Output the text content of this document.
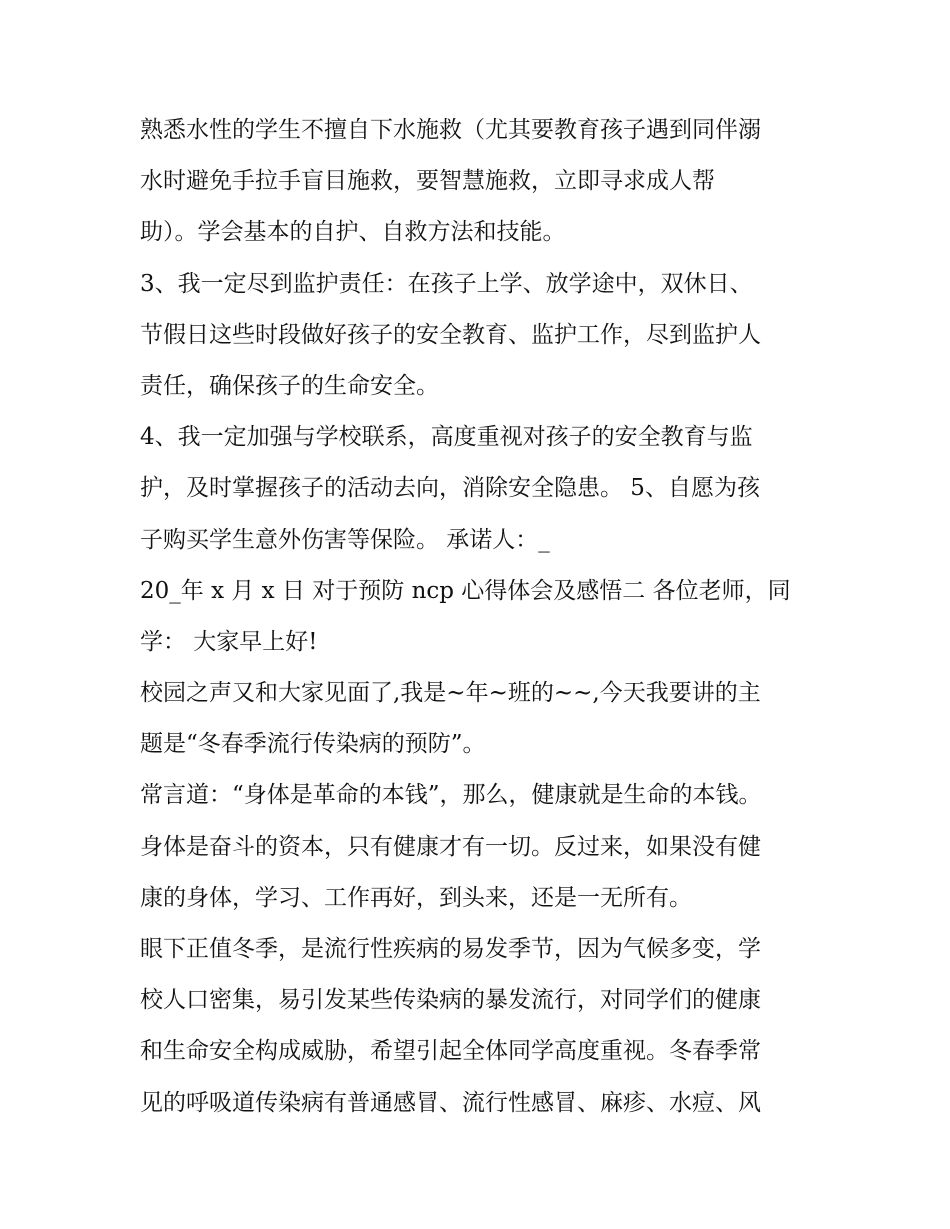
熟悉水性的学生不擅自下水施救（尤其要教育孩子遇到同伴溺
水时避免手拉手盲目施救，要智慧施救，立即寻求成人帮
助）。学会基本的自护、自救方法和技能。
3、我一定尽到监护责任：在孩子上学、放学途中，双休日、
节假日这些时段做好孩子的安全教育、监护工作，尽到监护人
责任，确保孩子的生命安全。
4、我一定加强与学校联系，高度重视对孩子的安全教育与监
护，及时掌握孩子的活动去向，消除安全隐患。 5、自愿为孩
子购买学生意外伤害等保险。 承诺人：_
20_年 x 月 x 日 对于预防 ncp 心得体会及感悟二 各位老师，同
学： 大家早上好!
校园之声又和大家见面了,我是~年~班的~~,今天我要讲的主
题是“冬春季流行传染病的预防”。
常言道：“身体是革命的本钱”，那么，健康就是生命的本钱。
身体是奋斗的资本，只有健康才有一切。反过来，如果没有健
康的身体，学习、工作再好，到头来，还是一无所有。
眼下正值冬季，是流行性疾病的易发季节，因为气候多变，学
校人口密集，易引发某些传染病的暴发流行，对同学们的健康
和生命安全构成威胁，希望引起全体同学高度重视。冬春季常
见的呼吸道传染病有普通感冒、流行性感冒、麻疹、水痘、风
